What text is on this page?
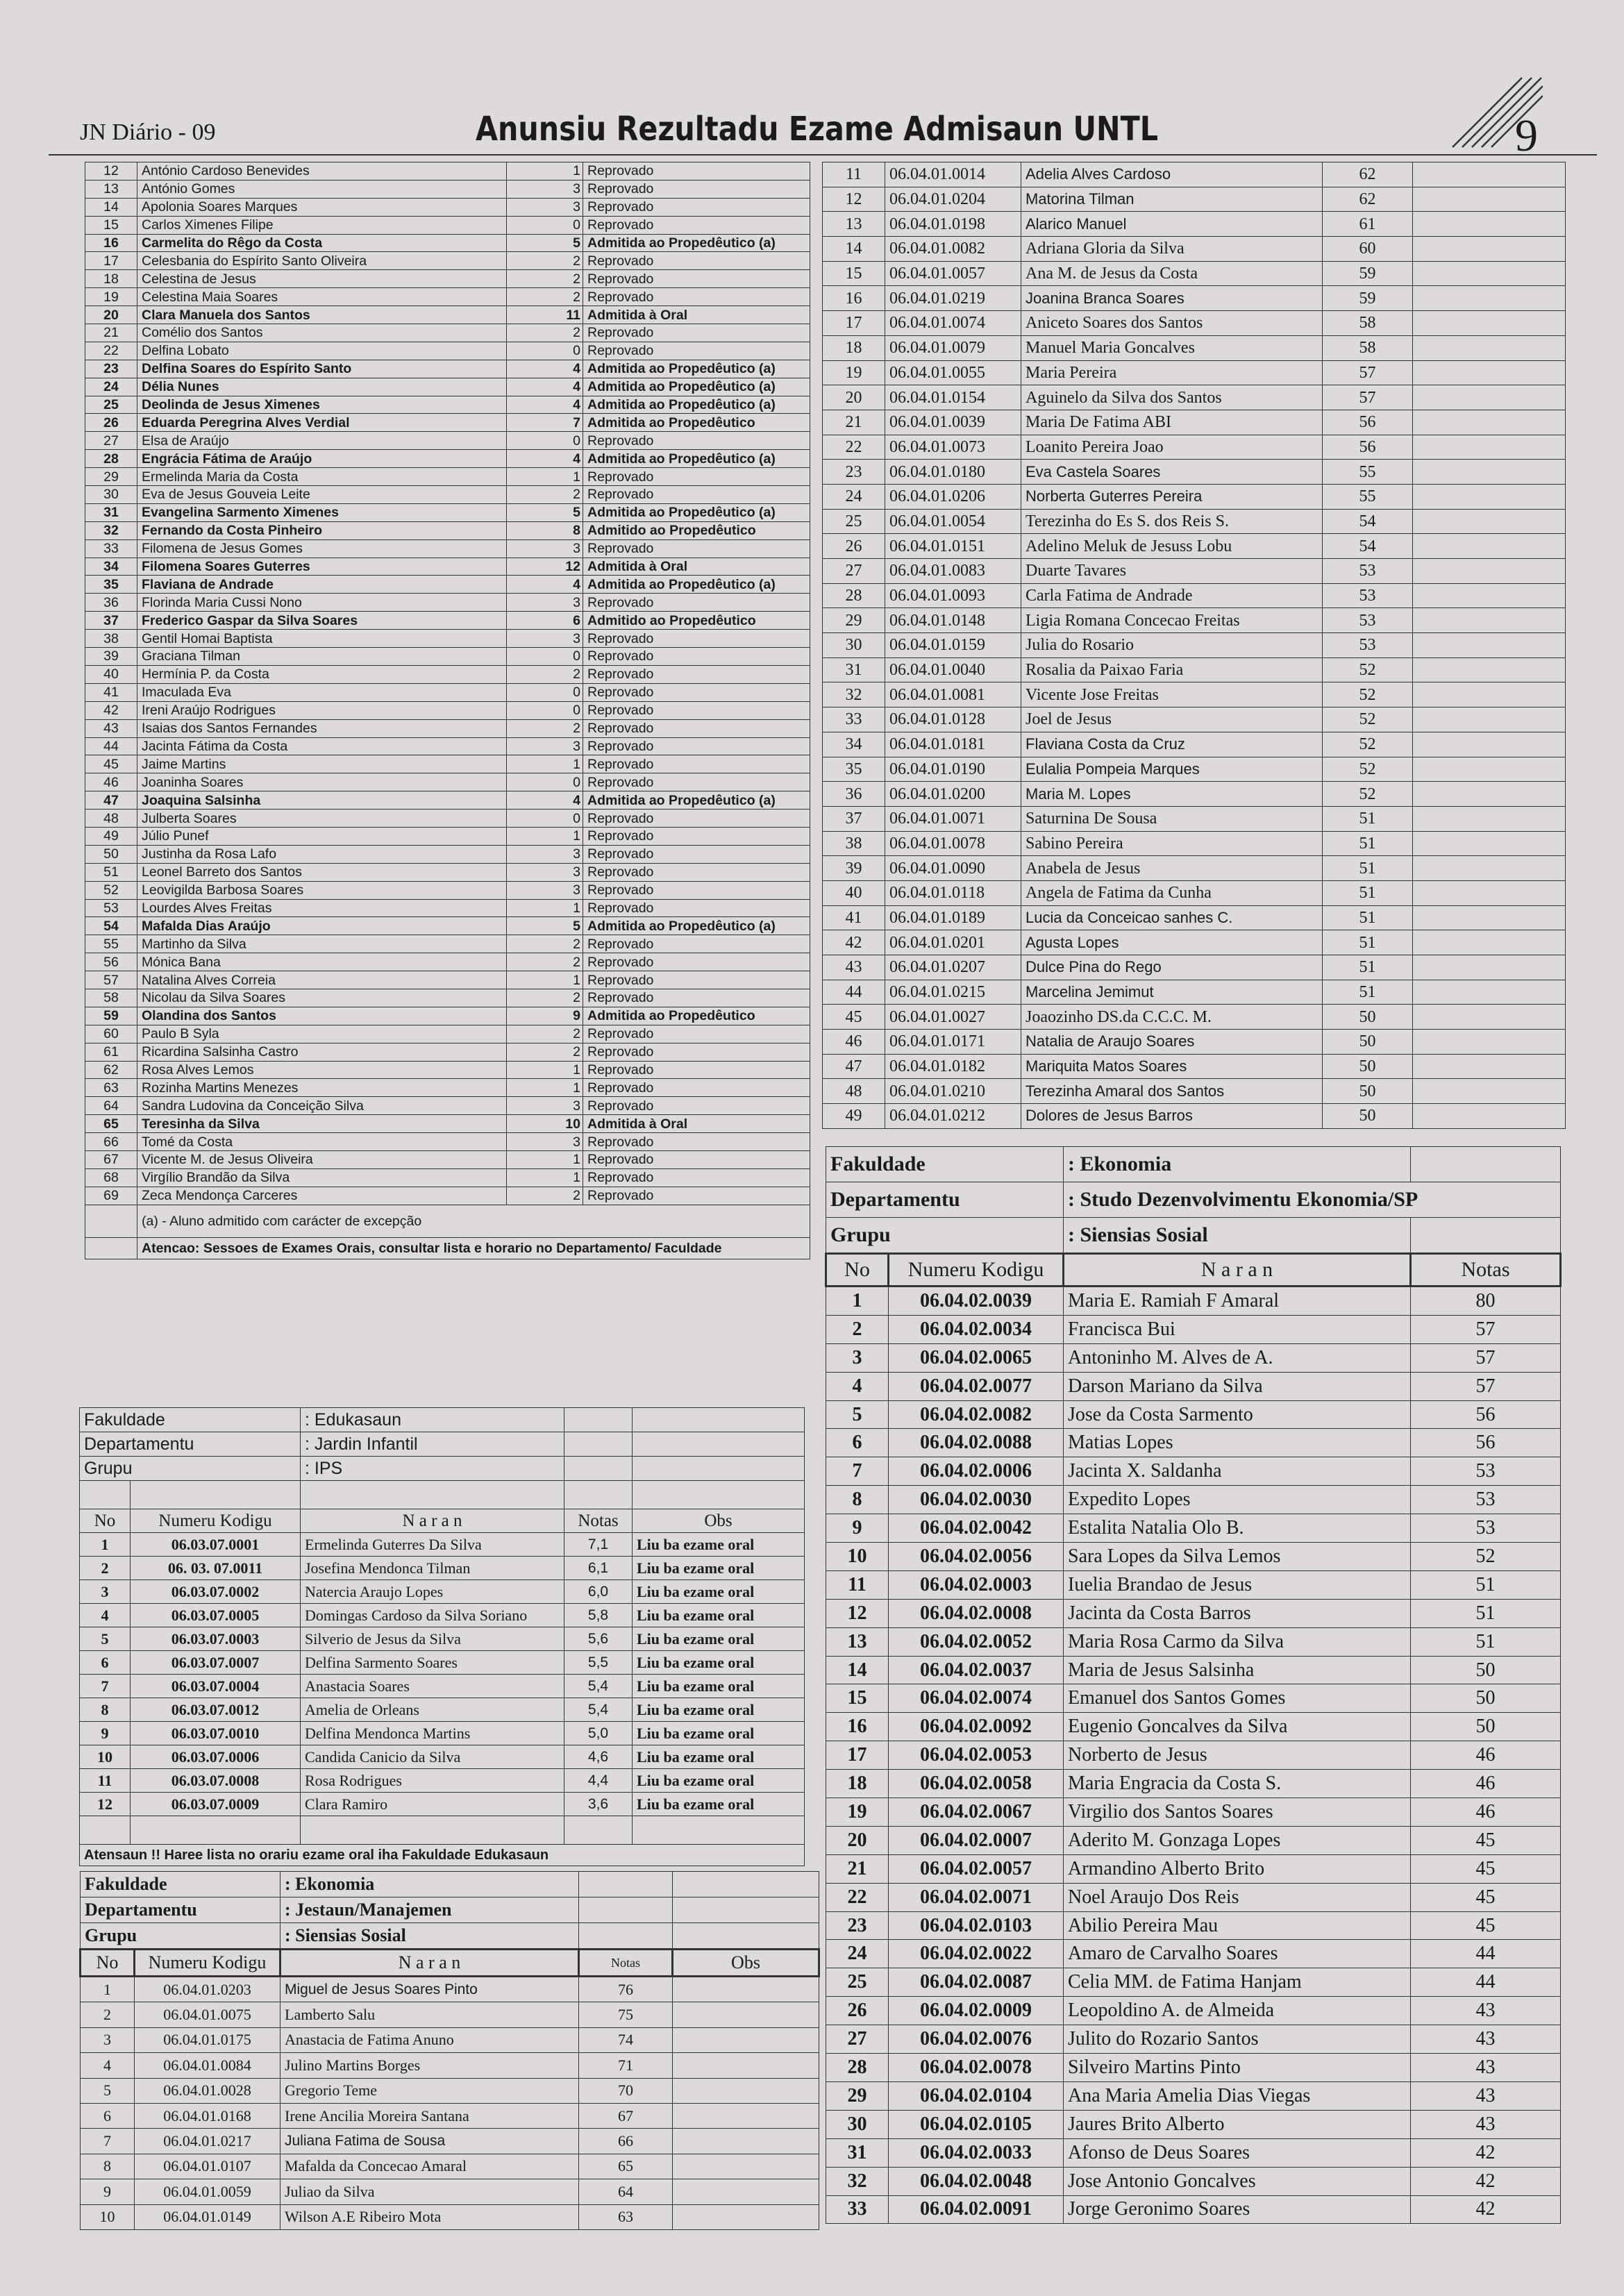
JN Diário - 09	Anunsiu Rezultadu Ezame Admisaun UNTL	9
12	António Cardoso Benevides	1	Reprovado
13	António Gomes	3	Reprovado
14	Apolonia Soares Marques	3	Reprovado
15	Carlos Ximenes Filipe	0	Reprovado
16	Carmelita do Rêgo da Costa	5	Admitida ao Propedêutico (a)
17	Celesbania do Espírito Santo Oliveira	2	Reprovado
18	Celestina de Jesus	2	Reprovado
19	Celestina Maia Soares	2	Reprovado
20	Clara Manuela dos Santos	11	Admitida à Oral
21	Comélio dos Santos	2	Reprovado
22	Delfina Lobato	0	Reprovado
23	Delfina Soares do Espírito Santo	4	Admitida ao Propedêutico (a)
24	Délia Nunes	4	Admitida ao Propedêutico (a)
25	Deolinda de Jesus Ximenes	4	Admitida ao Propedêutico (a)
26	Eduarda Peregrina Alves Verdial	7	Admitida ao Propedêutico
27	Elsa de Araújo	0	Reprovado
28	Engrácia Fátima de Araújo	4	Admitida ao Propedêutico (a)
29	Ermelinda Maria da Costa	1	Reprovado
30	Eva de Jesus Gouveia Leite	2	Reprovado
31	Evangelina Sarmento Ximenes	5	Admitida ao Propedêutico (a)
32	Fernando da Costa Pinheiro	8	Admitido ao Propedêutico
33	Filomena de Jesus Gomes	3	Reprovado
34	Filomena Soares Guterres	12	Admitida à Oral
35	Flaviana de Andrade	4	Admitida ao Propedêutico (a)
36	Florinda Maria Cussi Nono	3	Reprovado
37	Frederico Gaspar da Silva Soares	6	Admitido ao Propedêutico
38	Gentil Homai Baptista	3	Reprovado
39	Graciana Tilman	0	Reprovado
40	Hermínia P. da Costa	2	Reprovado
41	Imaculada Eva	0	Reprovado
42	Ireni Araújo Rodrigues	0	Reprovado
43	Isaias dos Santos Fernandes	2	Reprovado
44	Jacinta Fátima da Costa	3	Reprovado
45	Jaime Martins	1	Reprovado
46	Joaninha Soares	0	Reprovado
47	Joaquina Salsinha	4	Admitida ao Propedêutico (a)
48	Julberta Soares	0	Reprovado
49	Júlio Punef	1	Reprovado
50	Justinha da Rosa Lafo	3	Reprovado
51	Leonel Barreto dos Santos	3	Reprovado
52	Leovigilda Barbosa Soares	3	Reprovado
53	Lourdes Alves Freitas	1	Reprovado
54	Mafalda Dias Araújo	5	Admitida ao Propedêutico (a)
55	Martinho da Silva	2	Reprovado
56	Mónica Bana	2	Reprovado
57	Natalina Alves Correia	1	Reprovado
58	Nicolau da Silva Soares	2	Reprovado
59	Olandina dos Santos	9	Admitida ao Propedêutico
60	Paulo B Syla	2	Reprovado
61	Ricardina Salsinha Castro	2	Reprovado
62	Rosa Alves Lemos	1	Reprovado
63	Rozinha Martins Menezes	1	Reprovado
64	Sandra Ludovina da Conceição Silva	3	Reprovado
65	Teresinha da Silva	10	Admitida à Oral
66	Tomé da Costa	3	Reprovado
67	Vicente M. de Jesus Oliveira	1	Reprovado
68	Virgílio Brandão da Silva	1	Reprovado
69	Zeca Mendonça Carceres	2	Reprovado
	(a) - Aluno admitido com carácter de excepção		
	Atencao: Sessoes de Exames Orais, consultar lista e horario no Departamento/ Faculdade		
11	06.04.01.0014	Adelia Alves Cardoso	62	
12	06.04.01.0204	Matorina Tilman	62	
13	06.04.01.0198	Alarico Manuel	61	
14	06.04.01.0082	Adriana Gloria da Silva	60	
15	06.04.01.0057	Ana M. de Jesus da Costa	59	
16	06.04.01.0219	Joanina Branca Soares	59	
17	06.04.01.0074	Aniceto Soares dos Santos	58	
18	06.04.01.0079	Manuel Maria Goncalves	58	
19	06.04.01.0055	Maria Pereira	57	
20	06.04.01.0154	Aguinelo da Silva dos Santos	57	
21	06.04.01.0039	Maria De Fatima ABI	56	
22	06.04.01.0073	Loanito Pereira Joao	56	
23	06.04.01.0180	Eva Castela Soares	55	
24	06.04.01.0206	Norberta Guterres Pereira	55	
25	06.04.01.0054	Terezinha do Es S. dos Reis S.	54	
26	06.04.01.0151	Adelino Meluk de Jesuss Lobu	54	
27	06.04.01.0083	Duarte Tavares	53	
28	06.04.01.0093	Carla Fatima de Andrade	53	
29	06.04.01.0148	Ligia Romana Concecao Freitas	53	
30	06.04.01.0159	Julia do Rosario	53	
31	06.04.01.0040	Rosalia da Paixao Faria	52	
32	06.04.01.0081	Vicente Jose Freitas	52	
33	06.04.01.0128	Joel de Jesus	52	
34	06.04.01.0181	Flaviana Costa da Cruz	52	
35	06.04.01.0190	Eulalia Pompeia Marques	52	
36	06.04.01.0200	Maria M. Lopes	52	
37	06.04.01.0071	Saturnina De Sousa	51	
38	06.04.01.0078	Sabino Pereira	51	
39	06.04.01.0090	Anabela de Jesus	51	
40	06.04.01.0118	Angela de Fatima da Cunha	51	
41	06.04.01.0189	Lucia da Conceicao sanhes C.	51	
42	06.04.01.0201	Agusta Lopes	51	
43	06.04.01.0207	Dulce Pina do Rego	51	
44	06.04.01.0215	Marcelina Jemimut	51	
45	06.04.01.0027	Joaozinho DS.da C.C.C. M.	50	
46	06.04.01.0171	Natalia de Araujo Soares	50	
47	06.04.01.0182	Mariquita Matos Soares	50	
48	06.04.01.0210	Terezinha Amaral dos Santos	50	
49	06.04.01.0212	Dolores de Jesus Barros	50	
Fakuldade		: Edukasaun		
Departamentu		: Jardin Infantil		
Grupu		: IPS		

No	Numeru Kodigu	N a r a n	Notas	Obs
1	06.03.07.0001	Ermelinda Guterres Da Silva	7,1	Liu ba ezame oral
2	06. 03. 07.0011	Josefina Mendonca Tilman	6,1	Liu ba ezame oral
3	06.03.07.0002	Natercia Araujo Lopes	6,0	Liu ba ezame oral
4	06.03.07.0005	Domingas Cardoso da Silva Soriano	5,8	Liu ba ezame oral
5	06.03.07.0003	Silverio de Jesus da Silva	5,6	Liu ba ezame oral
6	06.03.07.0007	Delfina Sarmento Soares	5,5	Liu ba ezame oral
7	06.03.07.0004	Anastacia Soares	5,4	Liu ba ezame oral
8	06.03.07.0012	Amelia de Orleans	5,4	Liu ba ezame oral
9	06.03.07.0010	Delfina Mendonca Martins	5,0	Liu ba ezame oral
10	06.03.07.0006	Candida Canicio da Silva	4,6	Liu ba ezame oral
11	06.03.07.0008	Rosa Rodrigues	4,4	Liu ba ezame oral
12	06.03.07.0009	Clara Ramiro	3,6	Liu ba ezame oral

Atensaun !! Haree lista no orariu ezame oral iha Fakuldade Edukasaun				
Fakuldade		: Ekonomia		
Departamentu		: Jestaun/Manajemen		
Grupu		: Siensias Sosial		
No	Numeru Kodigu	N a r a n	Notas	Obs
1	06.04.01.0203	Miguel de Jesus Soares Pinto	76	
2	06.04.01.0075	Lamberto Salu	75	
3	06.04.01.0175	Anastacia de Fatima Anuno	74	
4	06.04.01.0084	Julino Martins Borges	71	
5	06.04.01.0028	Gregorio Teme	70	
6	06.04.01.0168	Irene Ancilia Moreira Santana	67	
7	06.04.01.0217	Juliana Fatima de Sousa	66	
8	06.04.01.0107	Mafalda da Concecao Amaral	65	
9	06.04.01.0059	Juliao da Silva	64	
10	06.04.01.0149	Wilson A.E Ribeiro Mota	63	
Fakuldade		: Ekonomia	
Departamentu		: Studo Dezenvolvimentu Ekonomia/SP	
Grupu		: Siensias Sosial	
No	Numeru Kodigu	N a r a n	Notas
1	06.04.02.0039	Maria E. Ramiah F Amaral	80
2	06.04.02.0034	Francisca Bui	57
3	06.04.02.0065	Antoninho M. Alves de A.	57
4	06.04.02.0077	Darson Mariano da Silva	57
5	06.04.02.0082	Jose da Costa Sarmento	56
6	06.04.02.0088	Matias Lopes	56
7	06.04.02.0006	Jacinta X. Saldanha	53
8	06.04.02.0030	Expedito Lopes	53
9	06.04.02.0042	Estalita Natalia Olo B.	53
10	06.04.02.0056	Sara Lopes da Silva Lemos	52
11	06.04.02.0003	Iuelia Brandao de Jesus	51
12	06.04.02.0008	Jacinta da Costa Barros	51
13	06.04.02.0052	Maria Rosa Carmo da Silva	51
14	06.04.02.0037	Maria de Jesus Salsinha	50
15	06.04.02.0074	Emanuel dos Santos Gomes	50
16	06.04.02.0092	Eugenio Goncalves da Silva	50
17	06.04.02.0053	Norberto de Jesus	46
18	06.04.02.0058	Maria Engracia da Costa S.	46
19	06.04.02.0067	Virgilio dos Santos Soares	46
20	06.04.02.0007	Aderito M. Gonzaga Lopes	45
21	06.04.02.0057	Armandino Alberto Brito	45
22	06.04.02.0071	Noel Araujo Dos Reis	45
23	06.04.02.0103	Abilio Pereira Mau	45
24	06.04.02.0022	Amaro de Carvalho Soares	44
25	06.04.02.0087	Celia MM. de Fatima Hanjam	44
26	06.04.02.0009	Leopoldino A. de Almeida	43
27	06.04.02.0076	Julito do Rozario Santos	43
28	06.04.02.0078	Silveiro Martins Pinto	43
29	06.04.02.0104	Ana Maria Amelia Dias Viegas	43
30	06.04.02.0105	Jaures Brito Alberto	43
31	06.04.02.0033	Afonso de Deus Soares	42
32	06.04.02.0048	Jose Antonio Goncalves	42
33	06.04.02.0091	Jorge Geronimo Soares	42
